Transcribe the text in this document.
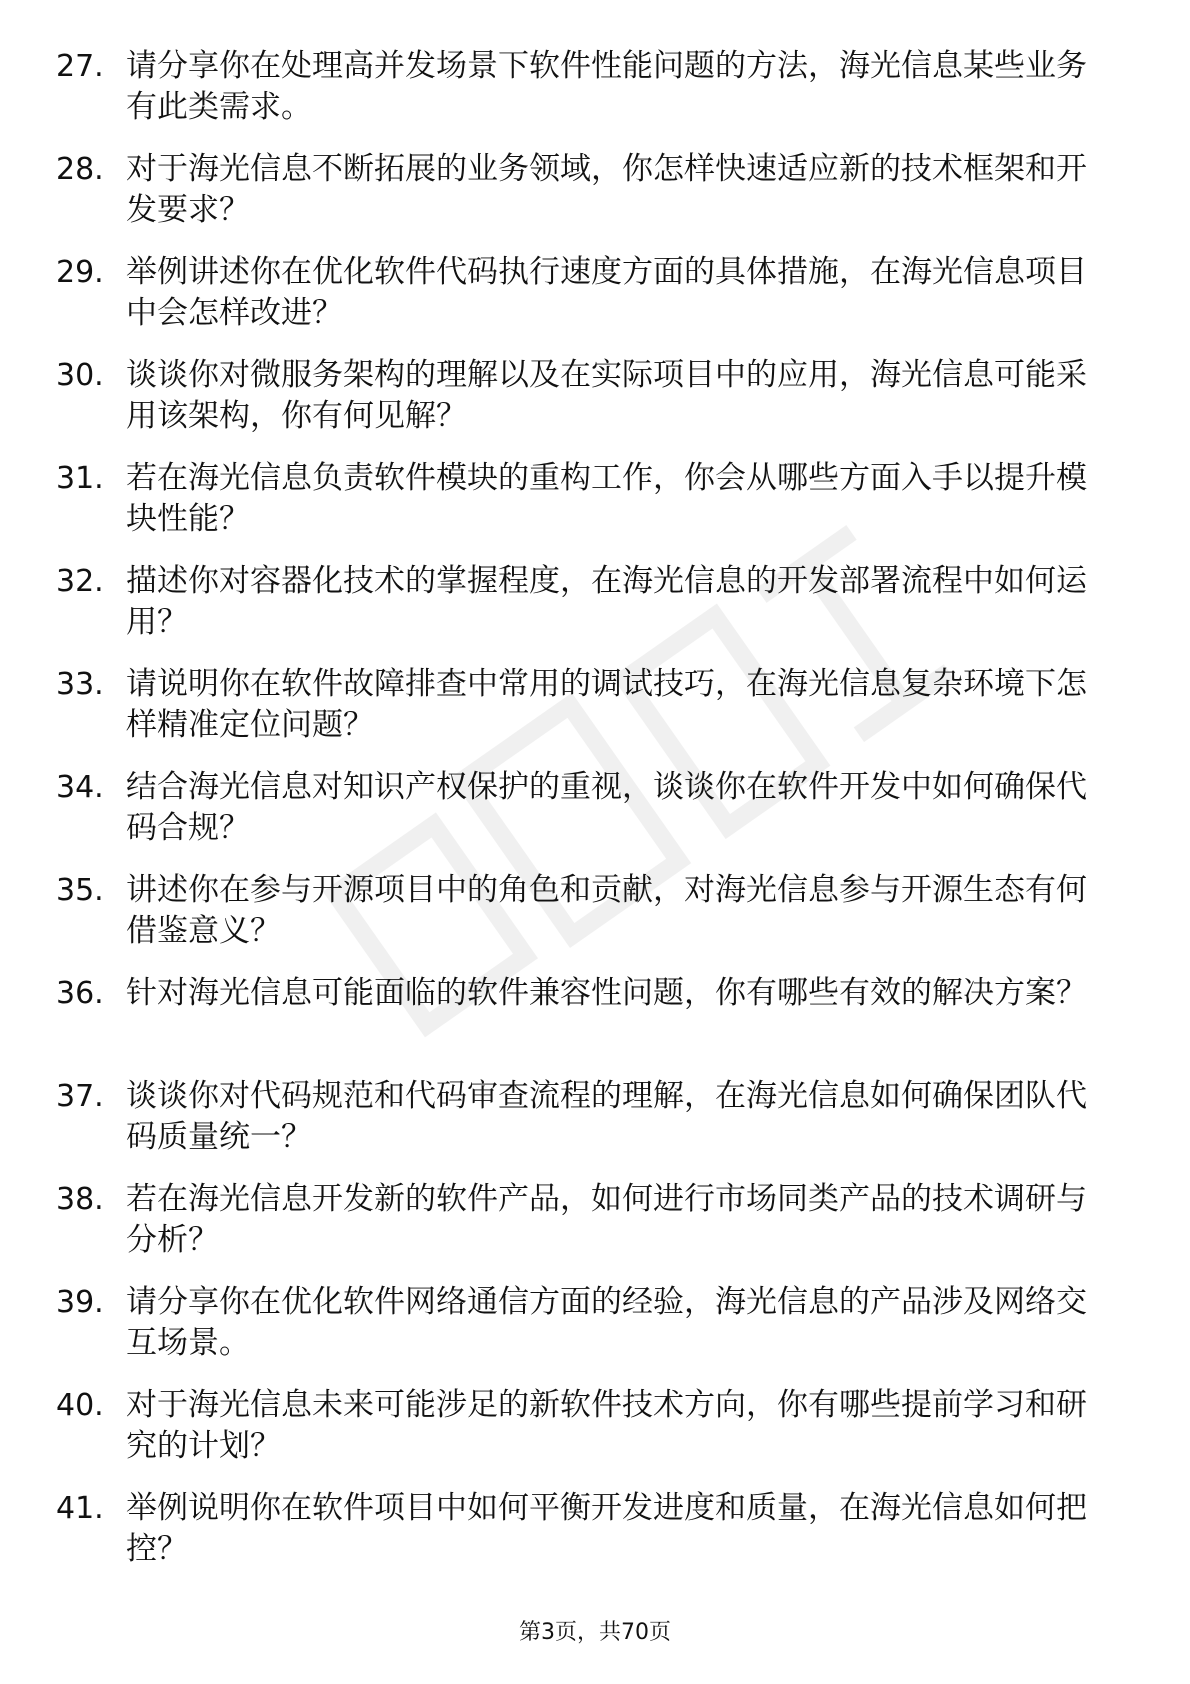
27. 请分享你在处理高并发场景下软件性能问题的方法，海光信息某些业务有此类需求。
28. 对于海光信息不断拓展的业务领域，你怎样快速适应新的技术框架和开发要求？
29. 举例讲述你在优化软件代码执行速度方面的具体措施，在海光信息项目中会怎样改进？
30. 谈谈你对微服务架构的理解以及在实际项目中的应用，海光信息可能采用该架构，你有何见解？
31. 若在海光信息负责软件模块的重构工作，你会从哪些方面入手以提升模块性能？
32. 描述你对容器化技术的掌握程度，在海光信息的开发部署流程中如何运用？
33. 请说明你在软件故障排查中常用的调试技巧，在海光信息复杂环境下怎样精准定位问题？
34. 结合海光信息对知识产权保护的重视，谈谈你在软件开发中如何确保代码合规？
35. 讲述你在参与开源项目中的角色和贡献，对海光信息参与开源生态有何借鉴意义？
36. 针对海光信息可能面临的软件兼容性问题，你有哪些有效的解决方案？
37. 谈谈你对代码规范和代码审查流程的理解，在海光信息如何确保团队代码质量统一？
38. 若在海光信息开发新的软件产品，如何进行市场同类产品的技术调研与分析？
39. 请分享你在优化软件网络通信方面的经验，海光信息的产品涉及网络交互场景。
40. 对于海光信息未来可能涉足的新软件技术方向，你有哪些提前学习和研究的计划？
41. 举例说明你在软件项目中如何平衡开发进度和质量，在海光信息如何把控？
第3页，共70页
